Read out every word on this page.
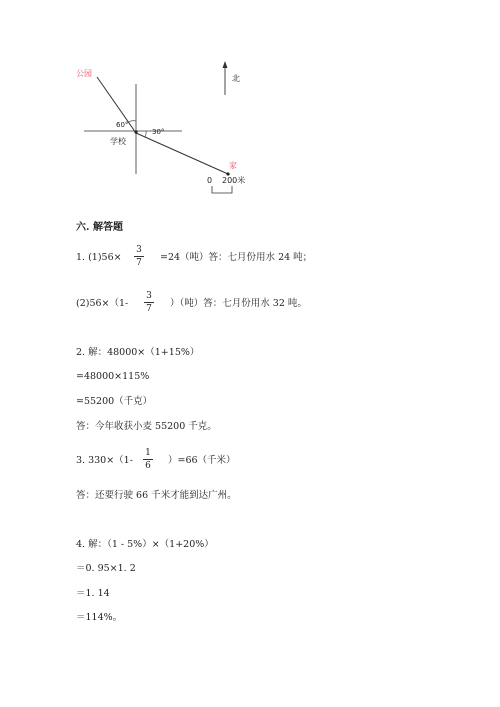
公园
学校
家
北
60°
30°
0 200米
六. 解答题
1. (1)56×
3
7	=24（吨）答：七月份用水 24 吨；
(2)56×（1-
3
7	）（吨）答：七月份用水 32 吨。
2. 解：48000×（1+15%）
=48000×115%
=55200（千克）
答：今年收获小麦 55200 千克。
3. 330×（1-
1
6	）=66（千米）
答：还要行驶 66 千米才能到达广州。
4. 解：（1 - 5%）×（1+20%）
＝0. 95×1. 2
＝1. 14
＝114%。
